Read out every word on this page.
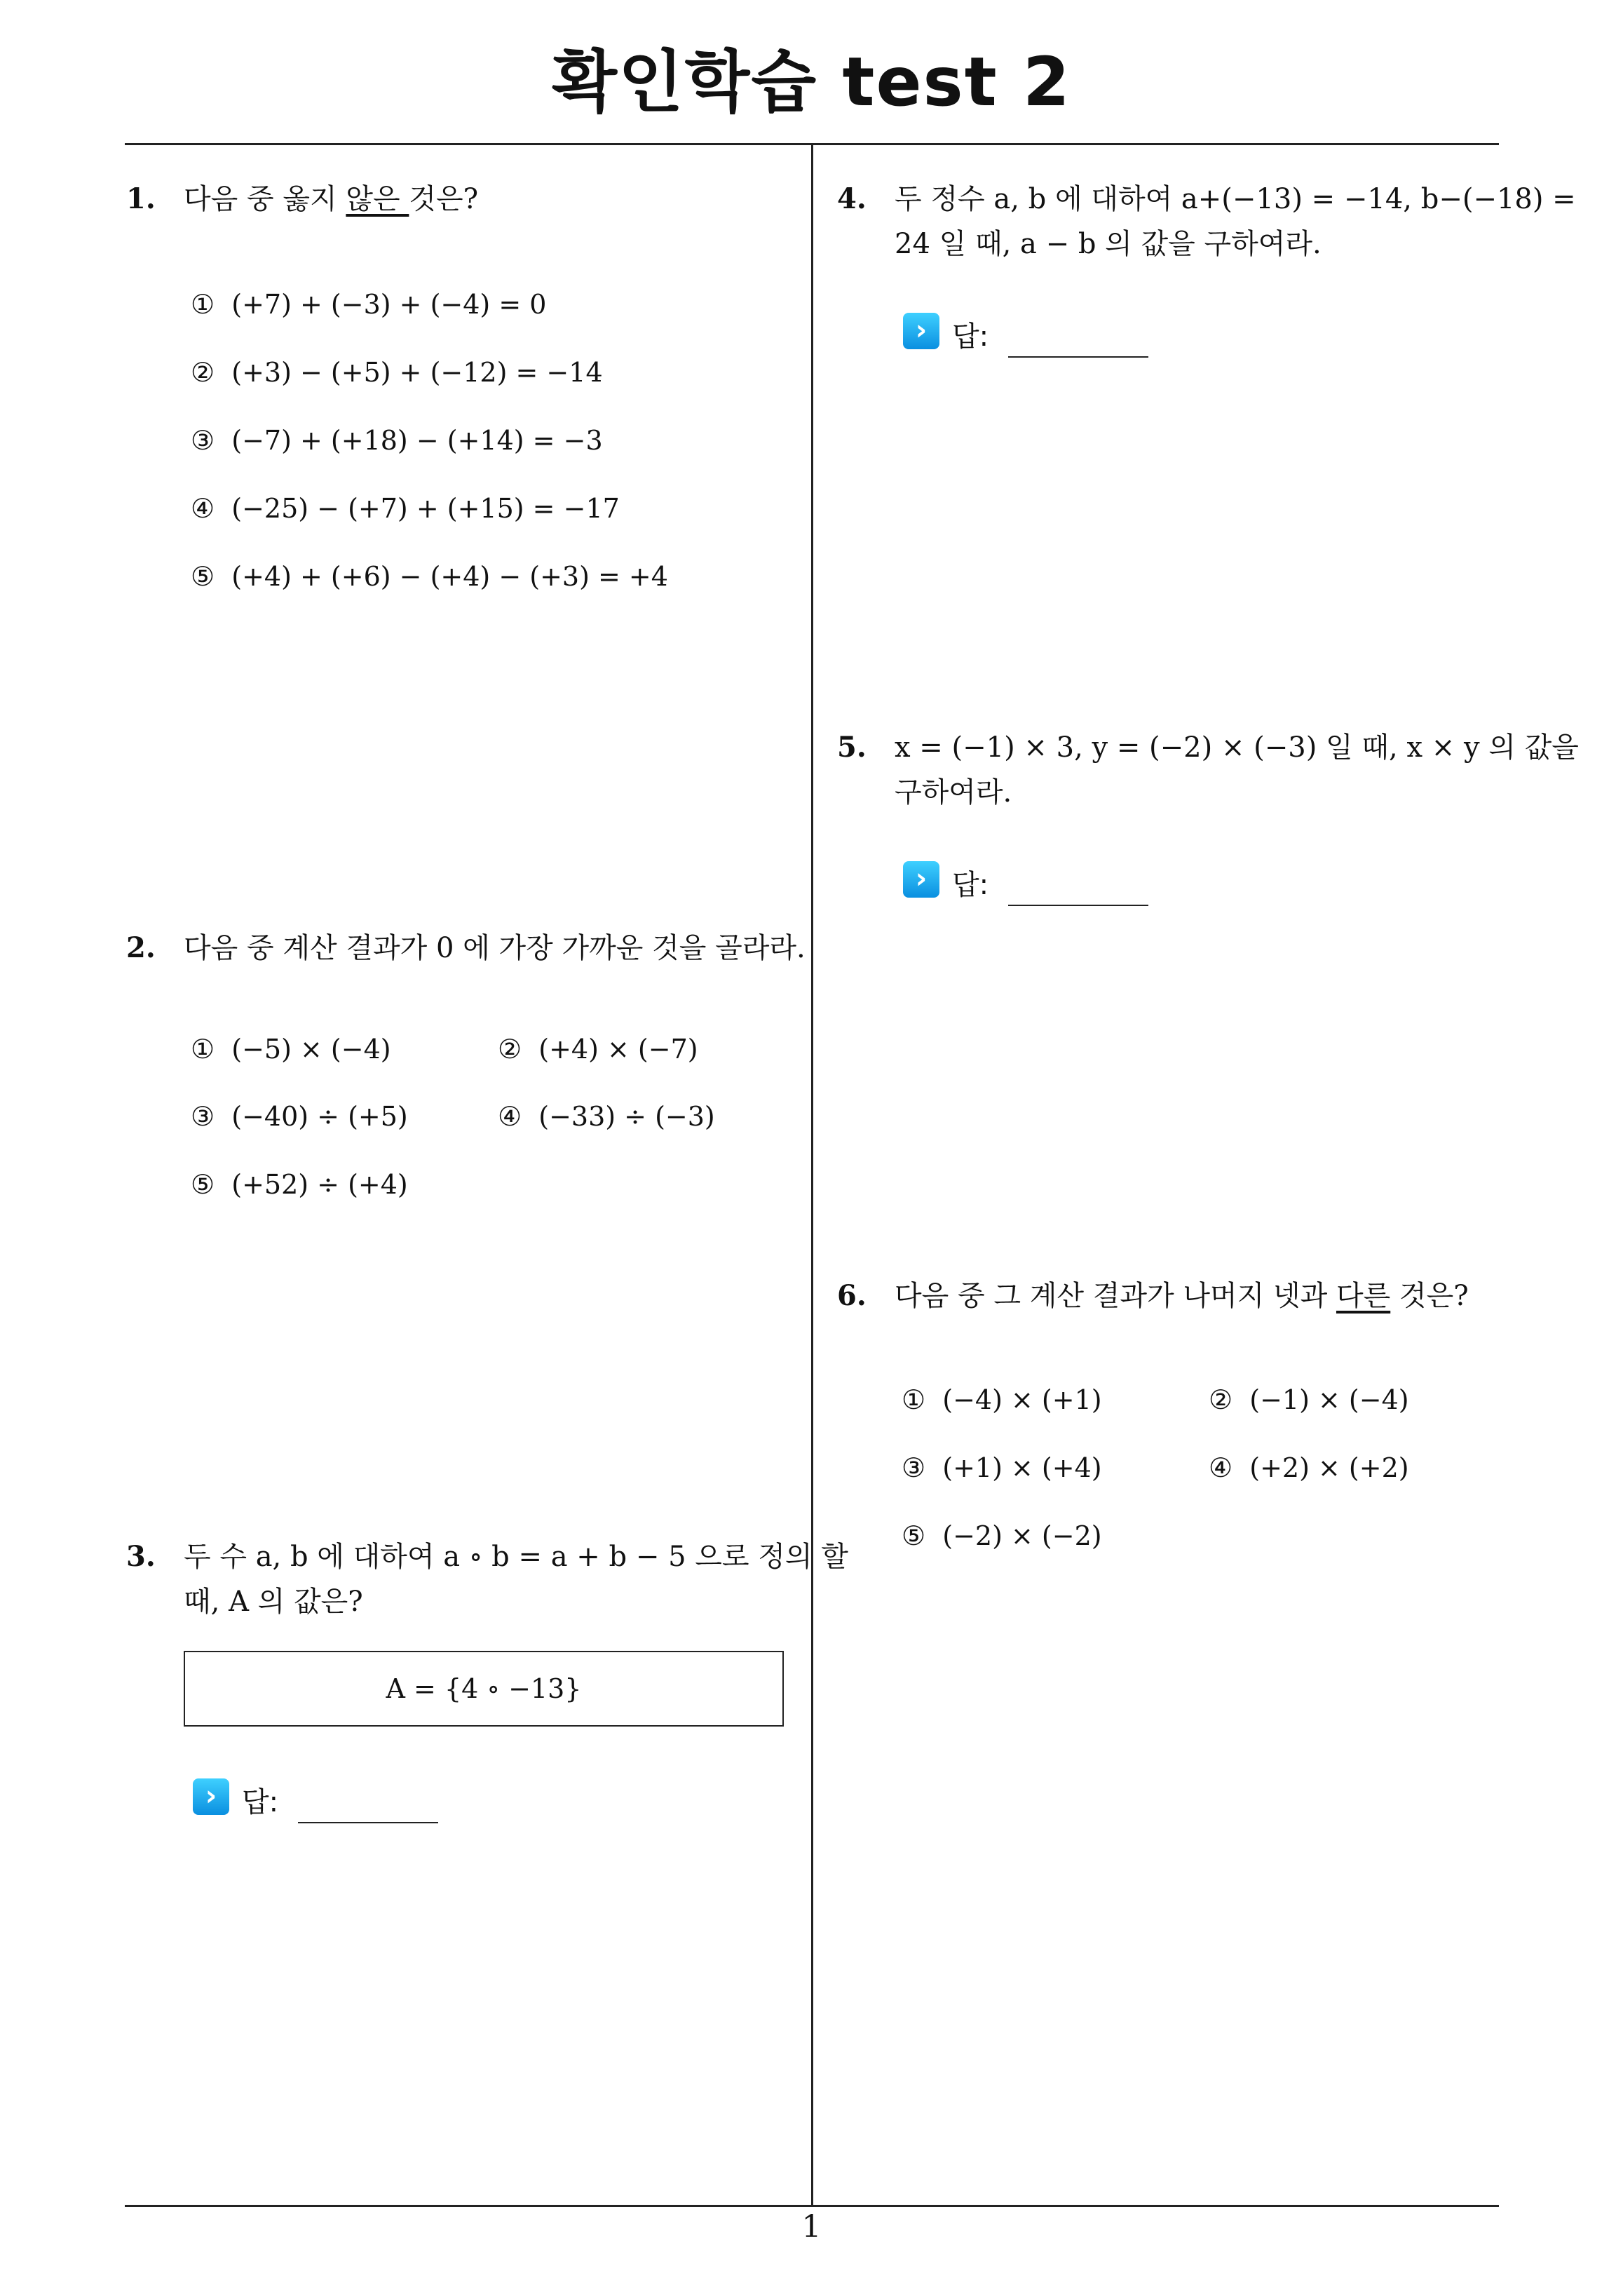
확인학습 test 2
1
1. 다음 중 옳지 않은 것은?
① (+7) + (−3) + (−4) = 0
② (+3) − (+5) + (−12) = −14
③ (−7) + (+18) − (+14) = −3
④ (−25) − (+7) + (+15) = −17
⑤ (+4) + (+6) − (+4) − (+3) = +4
2. 다음 중 계산 결과가 0 에 가장 가까운 것을 골라라.
① (−5) × (−4)	② (+4) × (−7)
③ (−40) ÷ (+5)	④ (−33) ÷ (−3)
⑤ (+52) ÷ (+4)
3. 두 수 a, b 에 대하여 a ∘ b = a + b − 5 으로 정의 할
때, A 의 값은?
A = {4 ∘ −13}
› 답:
4. 두 정수 a, b 에 대하여 a+(−13) = −14, b−(−18) =
24 일 때, a − b 의 값을 구하여라.
› 답:
5. x = (−1) × 3, y = (−2) × (−3) 일 때, x × y 의 값을
구하여라.
› 답:
6. 다음 중 그 계산 결과가 나머지 넷과 다른 것은?
① (−4) × (+1)	② (−1) × (−4)
③ (+1) × (+4)	④ (+2) × (+2)
⑤ (−2) × (−2)
